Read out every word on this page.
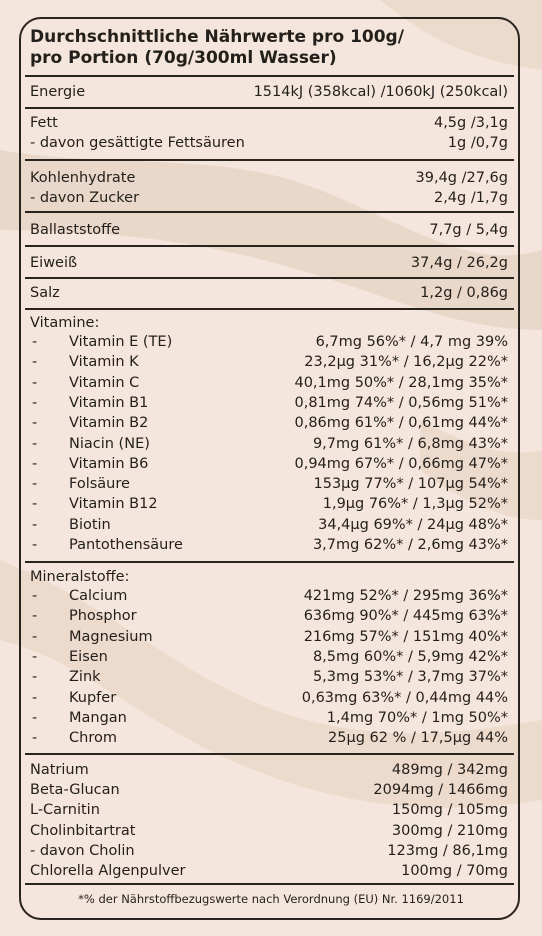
Durchschnittliche Nährwerte pro 100g/
pro Portion (70g/300ml Wasser)
Energie	1514kJ (358kcal) /1060kJ (250kcal)
Fett	4,5g /3,1g
- davon gesättigte Fettsäuren	1g /0,7g
Kohlenhydrate	39,4g /27,6g
- davon Zucker	2,4g /1,7g
Ballaststoffe	7,7g / 5,4g
Eiweiß	37,4g / 26,2g
Salz	1,2g / 0,86g
Vitamine:
- Vitamin E (TE)	6,7mg 56%* / 4,7 mg 39%
- Vitamin K	23,2µg 31%* / 16,2µg 22%*
- Vitamin C	40,1mg 50%* / 28,1mg 35%*
- Vitamin B1	0,81mg 74%* / 0,56mg 51%*
- Vitamin B2	0,86mg 61%* / 0,61mg 44%*
- Niacin (NE)	9,7mg 61%* / 6,8mg 43%*
- Vitamin B6	0,94mg 67%* / 0,66mg 47%*
- Folsäure	153µg 77%* / 107µg 54%*
- Vitamin B12	1,9µg 76%* / 1,3µg 52%*
- Biotin	34,4µg 69%* / 24µg 48%*
- Pantothensäure	3,7mg 62%* / 2,6mg 43%*
Mineralstoffe:
- Calcium	421mg 52%* / 295mg 36%*
- Phosphor	636mg 90%* / 445mg 63%*
- Magnesium	216mg 57%* / 151mg 40%*
- Eisen	8,5mg 60%* / 5,9mg 42%*
- Zink	5,3mg 53%* / 3,7mg 37%*
- Kupfer	0,63mg 63%* / 0,44mg 44%
- Mangan	1,4mg 70%* / 1mg 50%*
- Chrom	25µg 62 % / 17,5µg 44%
Natrium	489mg / 342mg
Beta-Glucan	2094mg / 1466mg
L-Carnitin	150mg / 105mg
Cholinbitartrat	300mg / 210mg
- davon Cholin	123mg / 86,1mg
Chlorella Algenpulver	100mg / 70mg
*% der Nährstoffbezugswerte nach Verordnung (EU) Nr. 1169/2011
